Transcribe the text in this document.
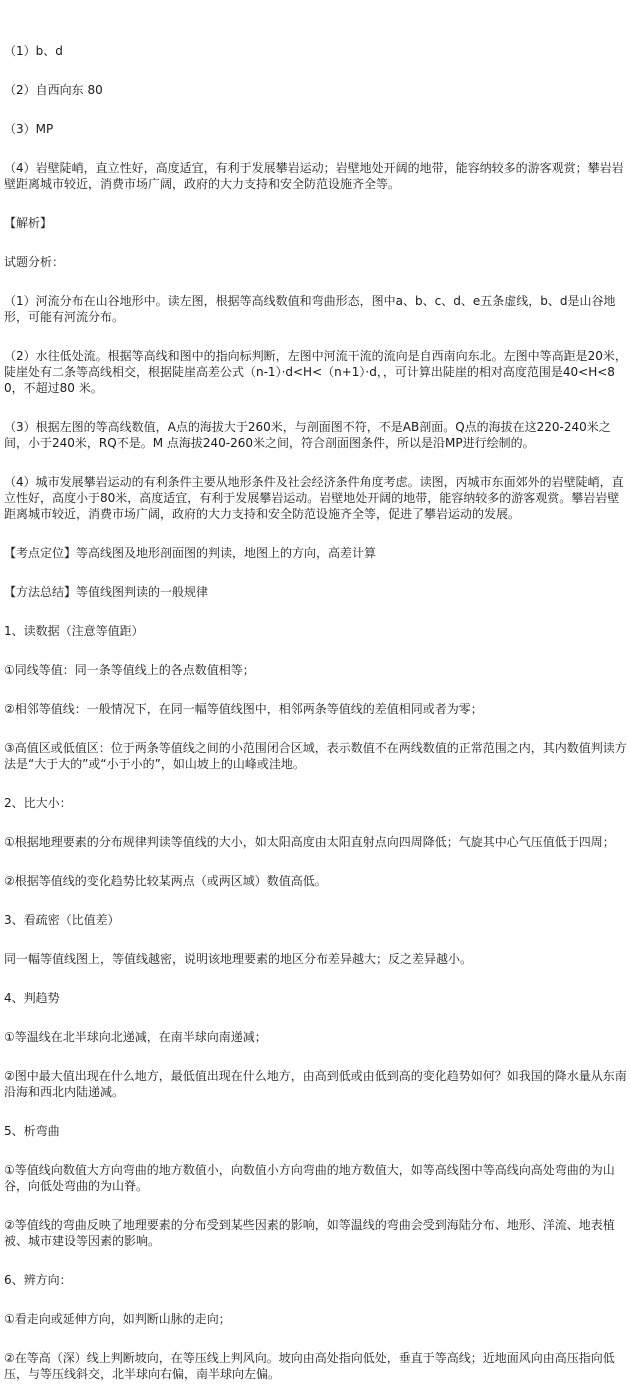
（1）b、d

（2）自西向东 80

（3）MP

（4）岩壁陡峭，直立性好，高度适宜，有利于发展攀岩运动；岩壁地处开阔的地带，能容纳较多的游客观赏；攀岩岩壁距离城市较近，消费市场广阔，政府的大力支持和安全防范设施齐全等。

【解析】

试题分析：

（1）河流分布在山谷地形中。读左图，根据等高线数值和弯曲形态，图中a、b、c、d、e五条虚线，b、d是山谷地形，可能有河流分布。

（2）水往低处流。根据等高线和图中的指向标判断，左图中河流干流的流向是自西南向东北。左图中等高距是20米，陡崖处有二条等高线相交，根据陡崖高差公式（n-1）·d<H<（n+1）·d，，可计算出陡崖的相对高度范围是40<H<80，不超过80 米。

（3）根据左图的等高线数值，A点的海拔大于260米，与剖面图不符，不是AB剖面。Q点的海拔在这220-240米之间，小于240米，RQ不是。M 点海拔240-260米之间，符合剖面图条件，所以是沿MP进行绘制的。

（4）城市发展攀岩运动的有利条件主要从地形条件及社会经济条件角度考虑。读图，丙城市东面郊外的岩壁陡峭，直立性好，高度小于80米，高度适宜，有利于发展攀岩运动。岩壁地处开阔的地带，能容纳较多的游客观赏。攀岩岩壁距离城市较近，消费市场广阔，政府的大力支持和安全防范设施齐全等，促进了攀岩运动的发展。

【考点定位】等高线图及地形剖面图的判读，地图上的方向，高差计算

【方法总结】等值线图判读的一般规律

1、读数据（注意等值距）

①同线等值：同一条等值线上的各点数值相等；

②相邻等值线：一般情况下，在同一幅等值线图中，相邻两条等值线的差值相同或者为零；

③高值区或低值区：位于两条等值线之间的小范围闭合区域，表示数值不在两线数值的正常范围之内，其内数值判读方法是“大于大的”或“小于小的”，如山坡上的山峰或洼地。

2、比大小：

①根据地理要素的分布规律判读等值线的大小，如太阳高度由太阳直射点向四周降低；气旋其中心气压值低于四周；

②根据等值线的变化趋势比较某两点（或两区域）数值高低。

3、看疏密（比值差）

同一幅等值线图上，等值线越密，说明该地理要素的地区分布差异越大；反之差异越小。

4、判趋势

①等温线在北半球向北递减，在南半球向南递减；

②图中最大值出现在什么地方，最低值出现在什么地方，由高到低或由低到高的变化趋势如何？如我国的降水量从东南沿海和西北内陆递减。

5、析弯曲

①等值线向数值大方向弯曲的地方数值小，向数值小方向弯曲的地方数值大，如等高线图中等高线向高处弯曲的为山谷，向低处弯曲的为山脊。

②等值线的弯曲反映了地理要素的分布受到某些因素的影响，如等温线的弯曲会受到海陆分布、地形、洋流、地表植被、城市建设等因素的影响。

6、辨方向：

①看走向或延伸方向，如判断山脉的走向；

②在等高（深）线上判断坡向，在等压线上判风向。坡向由高处指向低处，垂直于等高线；近地面风向由高压指向低压，与等压线斜交，北半球向右偏，南半球向左偏。
